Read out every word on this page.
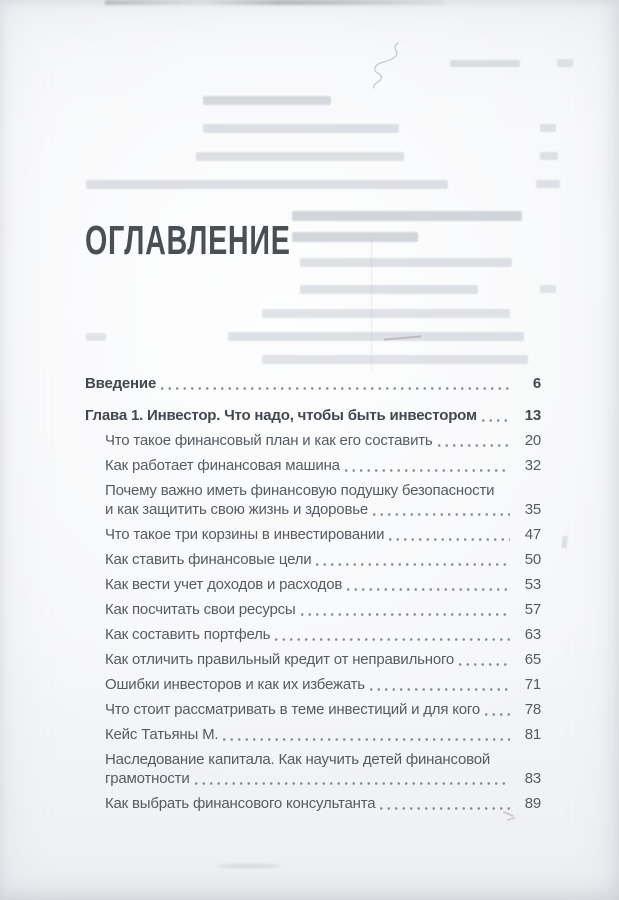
ОГЛАВЛЕНИЕ
Введение	6
Глава 1. Инвестор. Что надо, чтобы быть инвестором	13
Что такое финансовый план и как его составить	20
Как работает финансовая машина	32
Почему важно иметь финансовую подушку безопасности
и как защитить свою жизнь и здоровье	35
Что такое три корзины в инвестировании	47
Как ставить финансовые цели	50
Как вести учет доходов и расходов	53
Как посчитать свои ресурсы	57
Как составить портфель	63
Как отличить правильный кредит от неправильного	65
Ошибки инвесторов и как их избежать	71
Что стоит рассматривать в теме инвестиций и для кого	78
Кейс Татьяны М.	81
Наследование капитала. Как научить детей финансовой
грамотности	83
Как выбрать финансового консультанта	89
